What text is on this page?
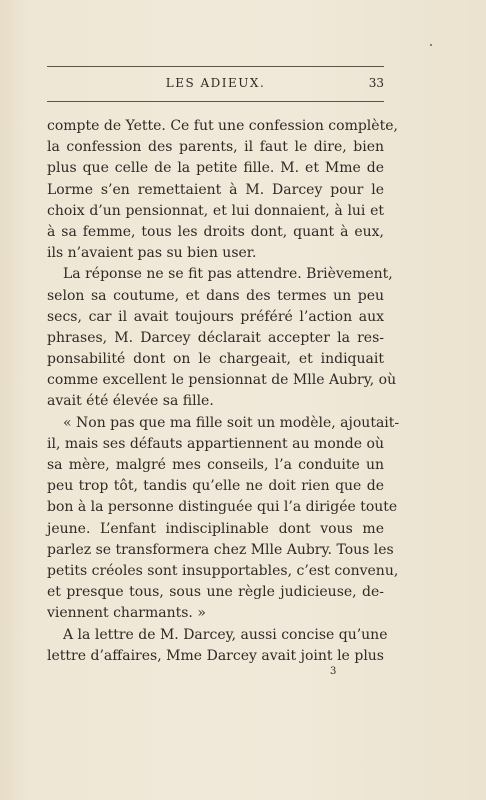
LES ADIEUX.	33
compte de Yette. Ce fut une confession complète,
la confession des parents, il faut le dire, bien
plus que celle de la petite fille. M. et Mme de
Lorme s’en remettaient à M. Darcey pour le
choix d’un pensionnat, et lui donnaient, à lui et
à sa femme, tous les droits dont, quant à eux,
ils n’avaient pas su bien user.
La réponse ne se fit pas attendre. Brièvement,
selon sa coutume, et dans des termes un peu
secs, car il avait toujours préféré l’action aux
phrases, M. Darcey déclarait accepter la res-
ponsabilité dont on le chargeait, et indiquait
comme excellent le pensionnat de Mlle Aubry, où
avait été élevée sa fille.
« Non pas que ma fille soit un modèle, ajoutait-
il, mais ses défauts appartiennent au monde où
sa mère, malgré mes conseils, l’a conduite un
peu trop tôt, tandis qu’elle ne doit rien que de
bon à la personne distinguée qui l’a dirigée toute
jeune. L’enfant indisciplinable dont vous me
parlez se transformera chez Mlle Aubry. Tous les
petits créoles sont insupportables, c’est convenu,
et presque tous, sous une règle judicieuse, de-
viennent charmants. »
A la lettre de M. Darcey, aussi concise qu’une
lettre d’affaires, Mme Darcey avait joint le plus
3
